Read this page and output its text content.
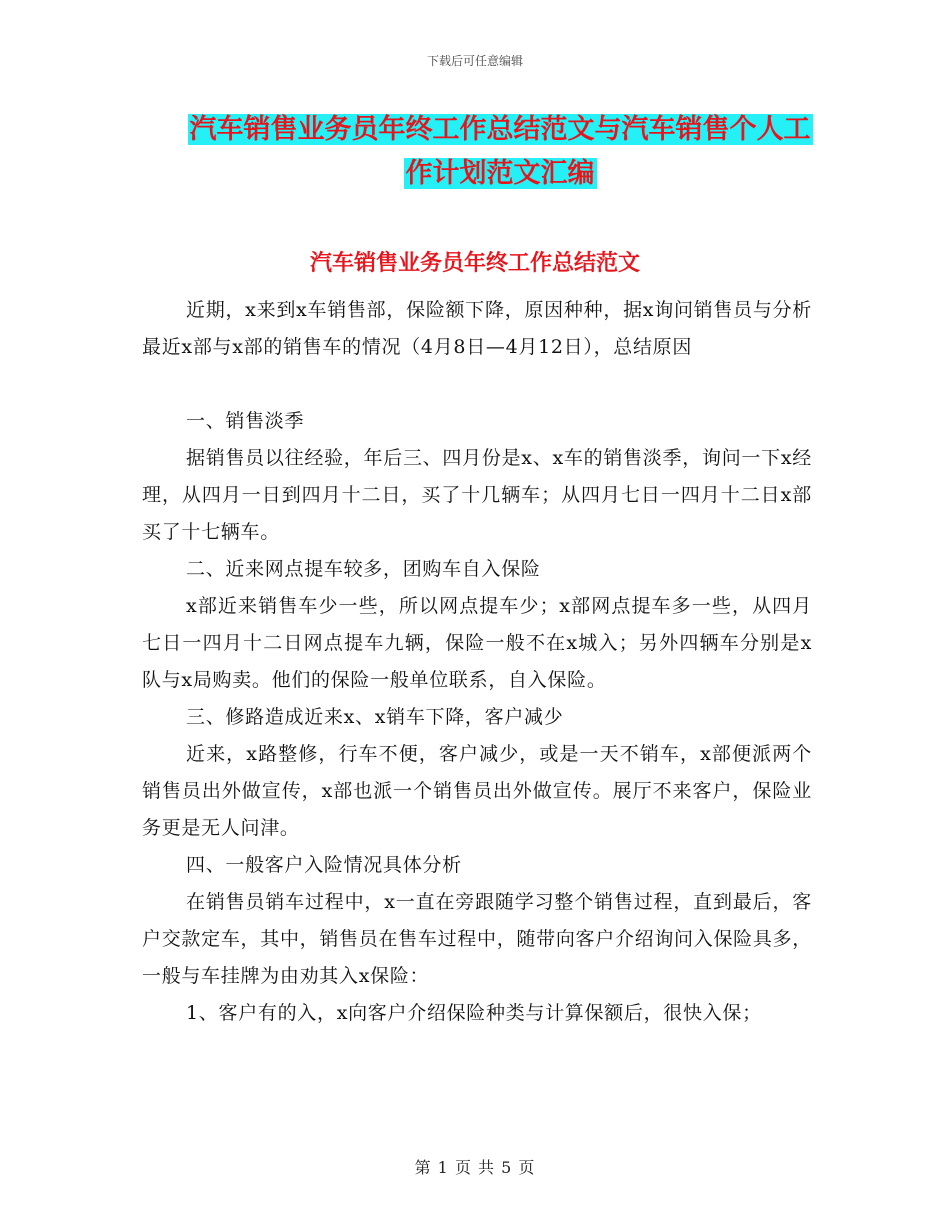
下载后可任意编辑
汽车销售业务员年终工作总结范文与汽车销售个人工
作计划范文汇编
汽车销售业务员年终工作总结范文

近期，x来到x车销售部，保险额下降，原因种种，据x询问销售员与分析最近x部与x部的销售车的情况（4月8日—4月12日），总结原因

一、销售淡季

据销售员以往经验，年后三、四月份是x、x车的销售淡季，询问一下x经理，从四月一日到四月十二日，买了十几辆车；从四月七日一四月十二日x部买了十七辆车。

二、近来网点提车较多，团购车自入保险

x部近来销售车少一些，所以网点提车少；x部网点提车多一些，从四月七日一四月十二日网点提车九辆，保险一般不在x城入；另外四辆车分别是x队与x局购卖。他们的保险一般单位联系，自入保险。

三、修路造成近来x、x销车下降，客户减少

近来，x路整修，行车不便，客户减少，或是一天不销车，x部便派两个销售员出外做宣传，x部也派一个销售员出外做宣传。展厅不来客户，保险业务更是无人问津。

四、一般客户入险情况具体分析

在销售员销车过程中，x一直在旁跟随学习整个销售过程，直到最后，客户交款定车，其中，销售员在售车过程中，随带向客户介绍询问入保险具多，一般与车挂牌为由劝其入x保险：

1、客户有的入，x向客户介绍保险种类与计算保额后，很快入保；

第 1 页 共 5 页
